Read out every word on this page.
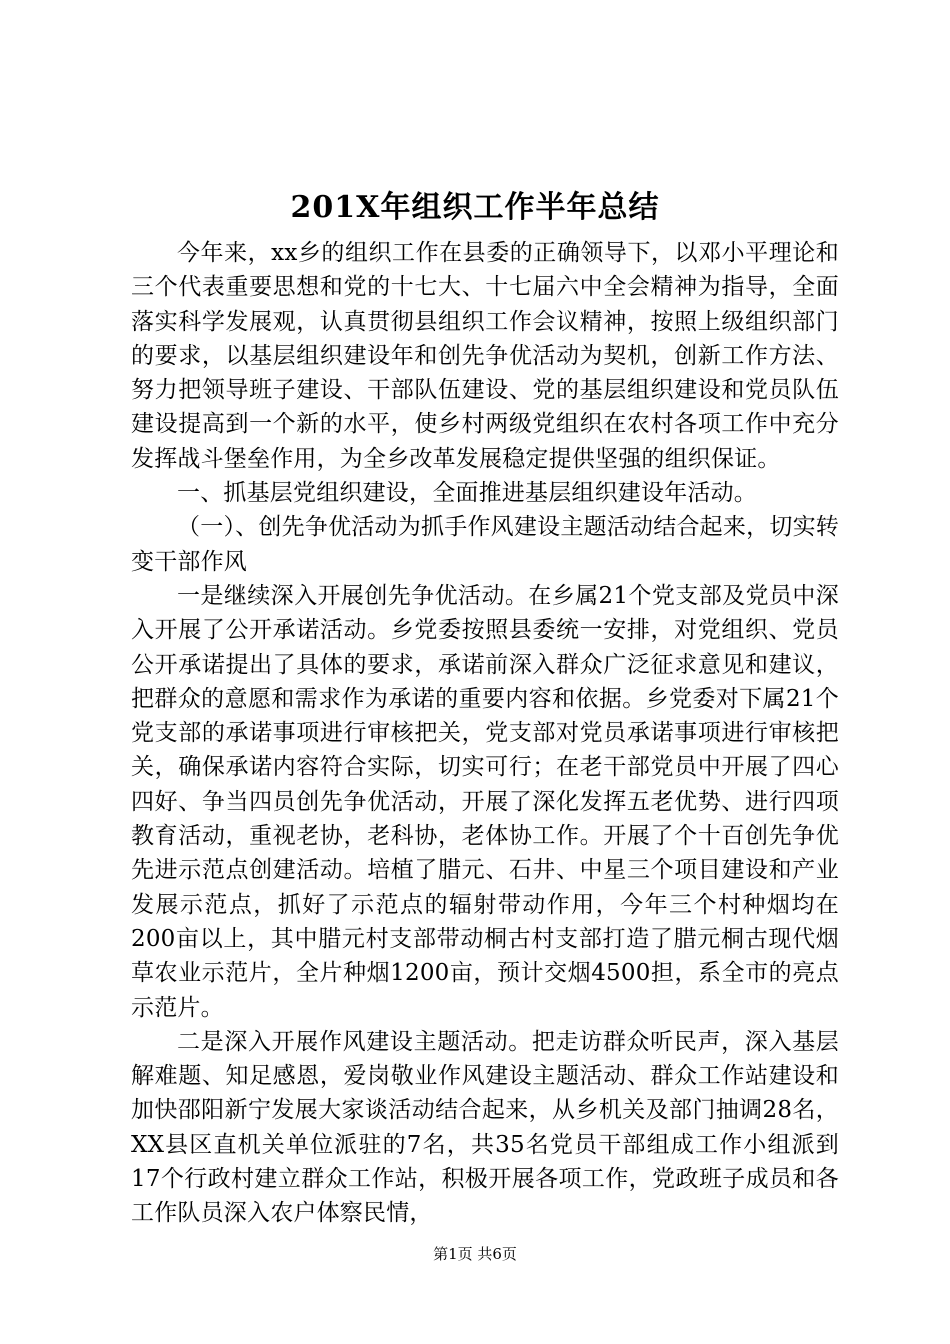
201X年组织工作半年总结

今年来，xx乡的组织工作在县委的正确领导下，以邓小平理论和三个代表重要思想和党的十七大、十七届六中全会精神为指导，全面落实科学发展观，认真贯彻县组织工作会议精神，按照上级组织部门的要求，以基层组织建设年和创先争优活动为契机，创新工作方法、努力把领导班子建设、干部队伍建设、党的基层组织建设和党员队伍建设提高到一个新的水平，使乡村两级党组织在农村各项工作中充分发挥战斗堡垒作用，为全乡改革发展稳定提供坚强的组织保证。

一、抓基层党组织建设，全面推进基层组织建设年活动。

（一）、创先争优活动为抓手作风建设主题活动结合起来，切实转变干部作风

一是继续深入开展创先争优活动。在乡属21个党支部及党员中深入开展了公开承诺活动。乡党委按照县委统一安排，对党组织、党员公开承诺提出了具体的要求，承诺前深入群众广泛征求意见和建议，把群众的意愿和需求作为承诺的重要内容和依据。乡党委对下属21个党支部的承诺事项进行审核把关，党支部对党员承诺事项进行审核把关，确保承诺内容符合实际，切实可行；在老干部党员中开展了四心四好、争当四员创先争优活动，开展了深化发挥五老优势、进行四项教育活动，重视老协，老科协，老体协工作。开展了个十百创先争优先进示范点创建活动。培植了腊元、石井、中星三个项目建设和产业发展示范点，抓好了示范点的辐射带动作用，今年三个村种烟均在200亩以上，其中腊元村支部带动桐古村支部打造了腊元桐古现代烟草农业示范片，全片种烟1200亩，预计交烟4500担，系全市的亮点示范片。

二是深入开展作风建设主题活动。把走访群众听民声，深入基层解难题、知足感恩，爱岗敬业作风建设主题活动、群众工作站建设和加快邵阳新宁发展大家谈活动结合起来，从乡机关及部门抽调28名，XX县区直机关单位派驻的7名，共35名党员干部组成工作小组派到17个行政村建立群众工作站，积极开展各项工作，党政班子成员和各工作队员深入农户体察民情，

第1页 共6页
